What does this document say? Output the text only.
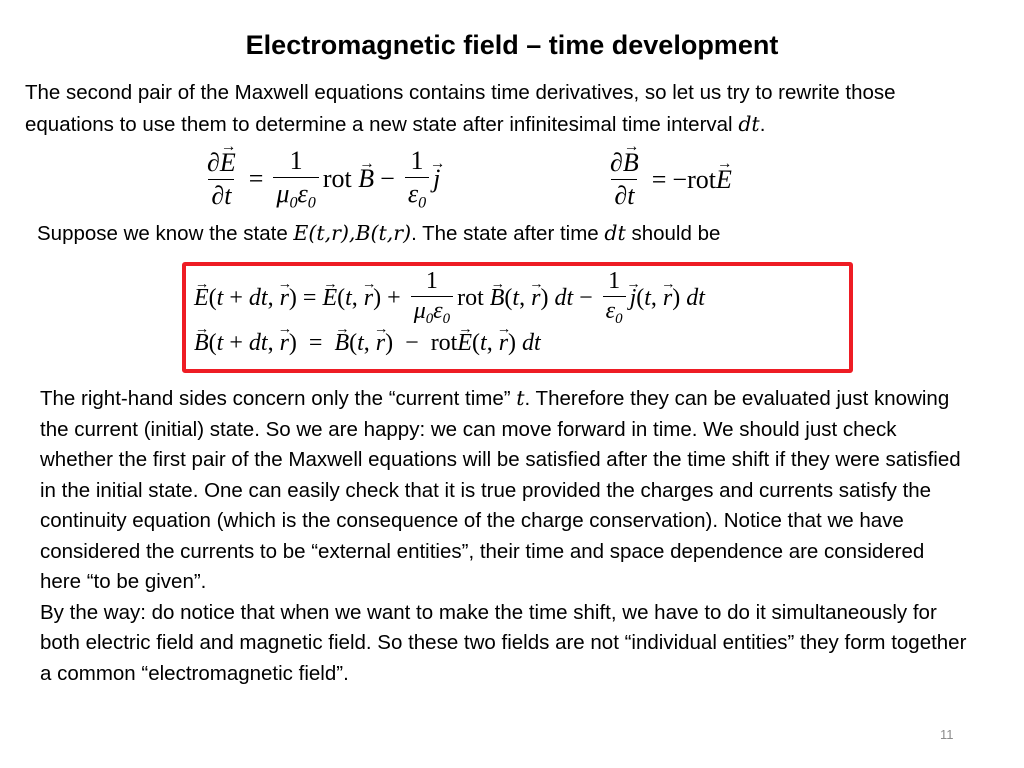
Electromagnetic field – time development
The second pair of the Maxwell equations contains time derivatives, so let us try to rewrite those equations to use them to determine a new state after infinitesimal time interval dt.
$\frac{\partial E \to}{\partial t} = \frac{1}{\mu_0\varepsilon_0}$ rot B → − $\frac{1}{\varepsilon_0}$ j →	$\frac{\partial B \to}{\partial t}$ = −rotE →
Suppose we know the state E(t,r),B(t,r). The state after time dt should be
E → (t + dt, r →) = E → (t, r →) + $\frac{1}{\mu_0\varepsilon_0}$ rot B →(t, r →) dt − $\frac{1}{\varepsilon_0}$ j →(t, r →) dt
B →(t + dt, r →) = B →(t, r →) − rotE →(t, r →) dt
The right-hand sides concern only the “current time” t. Therefore they can be evaluated just knowing the current (initial) state. So we are happy: we can move forward in time. We should just check whether the first pair of the Maxwell equations will be satisfied after the time shift if they were satisfied in the initial state. One can easily check that it is true provided the charges and currents satisfy the continuity equation (which is the consequence of the charge conservation). Notice that we have considered the currents to be “external entities”, their time and space dependence are considered here “to be given”.
By the way: do notice that when we want to make the time shift, we have to do it simultaneously for both electric field and magnetic field. So these two fields are not “individual entities” they form together a common “electromagnetic field”.
11
